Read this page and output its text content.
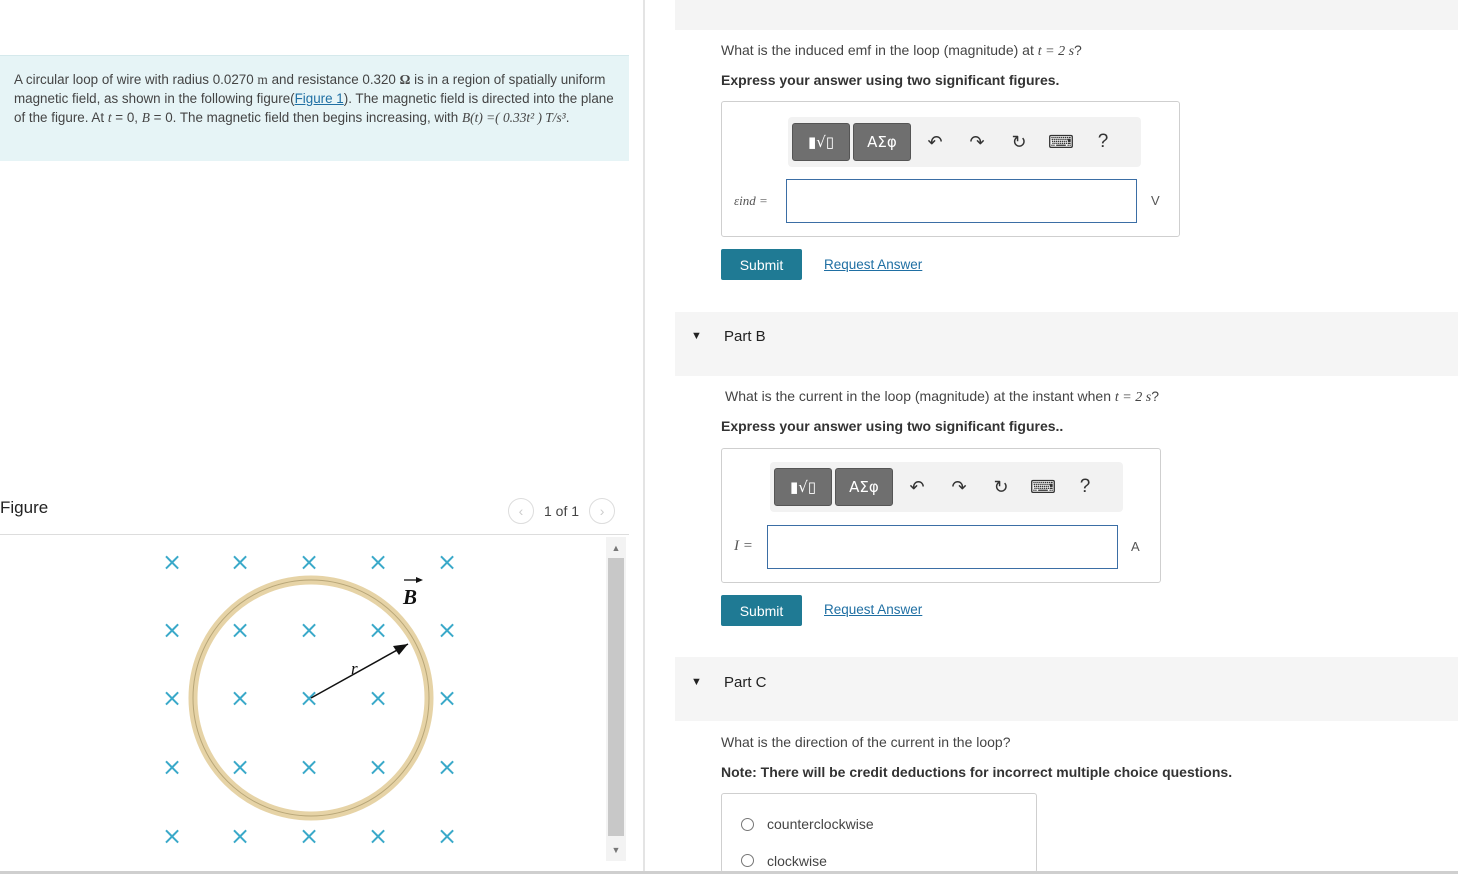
A circular loop of wire with radius 0.0270 m and resistance 0.320 Ω is in a region of spatially uniform magnetic field, as shown in the following figure(Figure 1). The magnetic field is directed into the plane of the figure. At t = 0, B = 0. The magnetic field then begins increasing, with B(t) =( 0.33t² ) T/s³.
Figure	‹ 1 of 1 ›
× × × × ×
× × × × ×
× × × × ×
× × × × ×
× × × × ×
r
B
▲
▼
What is the induced emf in the loop (magnitude) at t = 2 s?
Express your answer using two significant figures.
▮√▯ ΑΣφ	↶	↷	↻	⌨	?
εind =	V
Submit	Request Answer
▼ Part B
What is the current in the loop (magnitude) at the instant when t = 2 s?
Express your answer using two significant figures..
▮√▯ ΑΣφ	↶	↷	↻	⌨	?
I =	A
Submit	Request Answer
▼ Part C
What is the direction of the current in the loop?
Note: There will be credit deductions for incorrect multiple choice questions.
counterclockwise
clockwise
